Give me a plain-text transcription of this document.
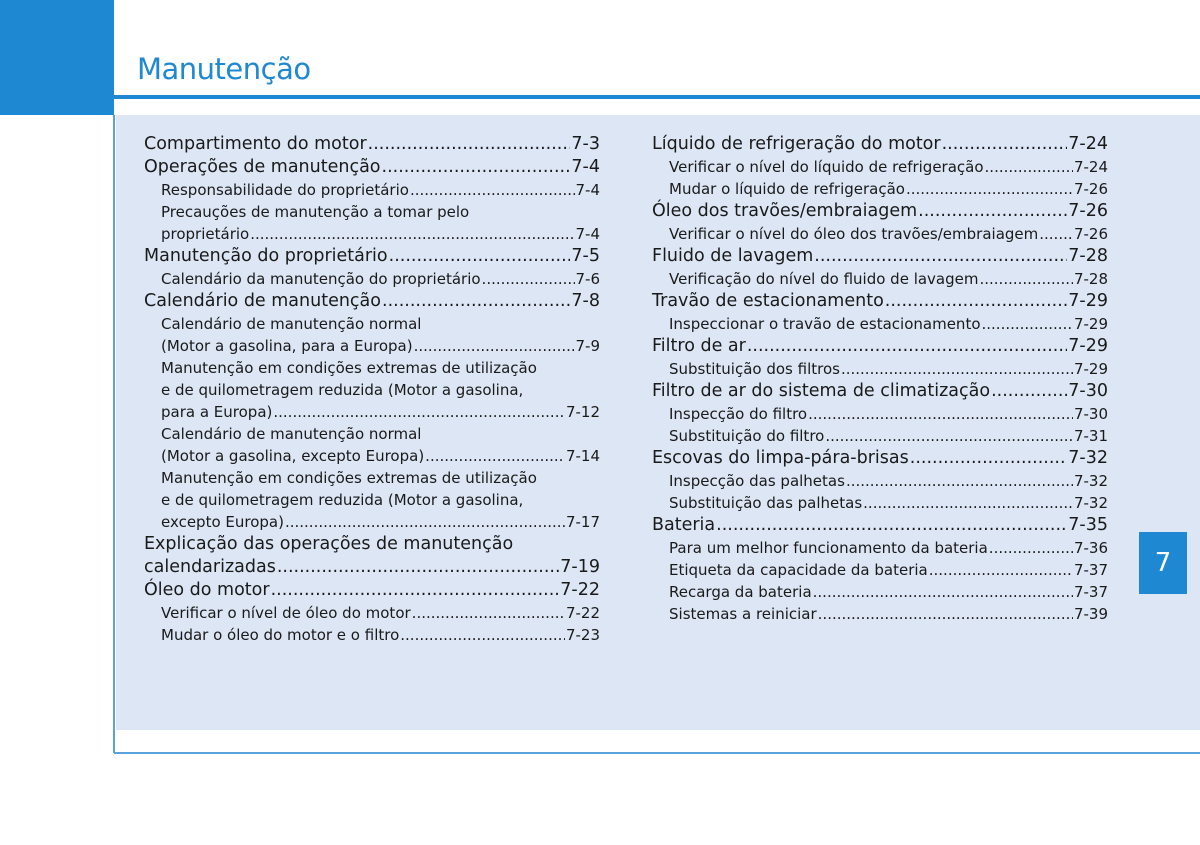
Manutenção
7
Compartimento do motor .....	7-3
Operações de manutenção .....	7-4
Responsabilidade do proprietário .....	7-4
Precauções de manutenção a tomar pelo
proprietário .....	7-4
Manutenção do proprietário .....	7-5
Calendário da manutenção do proprietário .....	7-6
Calendário de manutenção .....	7-8
Calendário de manutenção normal
(Motor a gasolina, para a Europa) .....	7-9
Manutenção em condições extremas de utilização
e de quilometragem reduzida (Motor a gasolina,
para a Europa) .....	7-12
Calendário de manutenção normal
(Motor a gasolina, excepto Europa) .....	7-14
Manutenção em condições extremas de utilização
e de quilometragem reduzida (Motor a gasolina,
excepto Europa) .....	7-17
Explicação das operações de manutenção
calendarizadas .....	7-19
Óleo do motor .....	7-22
Verificar o nível de óleo do motor .....	7-22
Mudar o óleo do motor e o filtro .....	7-23
Líquido de refrigeração do motor .....	7-24
Verificar o nível do líquido de refrigeração .....	7-24
Mudar o líquido de refrigeração .....	7-26
Óleo dos travões/embraiagem .....	7-26
Verificar o nível do óleo dos travões/embraiagem ..... 7-26
Fluido de lavagem .....	7-28
Verificação do nível do fluido de lavagem .....	7-28
Travão de estacionamento .....	7-29
Inspeccionar o travão de estacionamento .....	7-29
Filtro de ar .....	7-29
Substituição dos filtros .....	7-29
Filtro de ar do sistema de climatização .....	7-30
Inspecção do filtro .....	7-30
Substituição do filtro .....	7-31
Escovas do limpa-pára-brisas .....	7-32
Inspecção das palhetas .....	7-32
Substituição das palhetas .....	7-32
Bateria .....	7-35
Para um melhor funcionamento da bateria .....	7-36
Etiqueta da capacidade da bateria .....	7-37
Recarga da bateria .....	7-37
Sistemas a reiniciar .....	7-39
